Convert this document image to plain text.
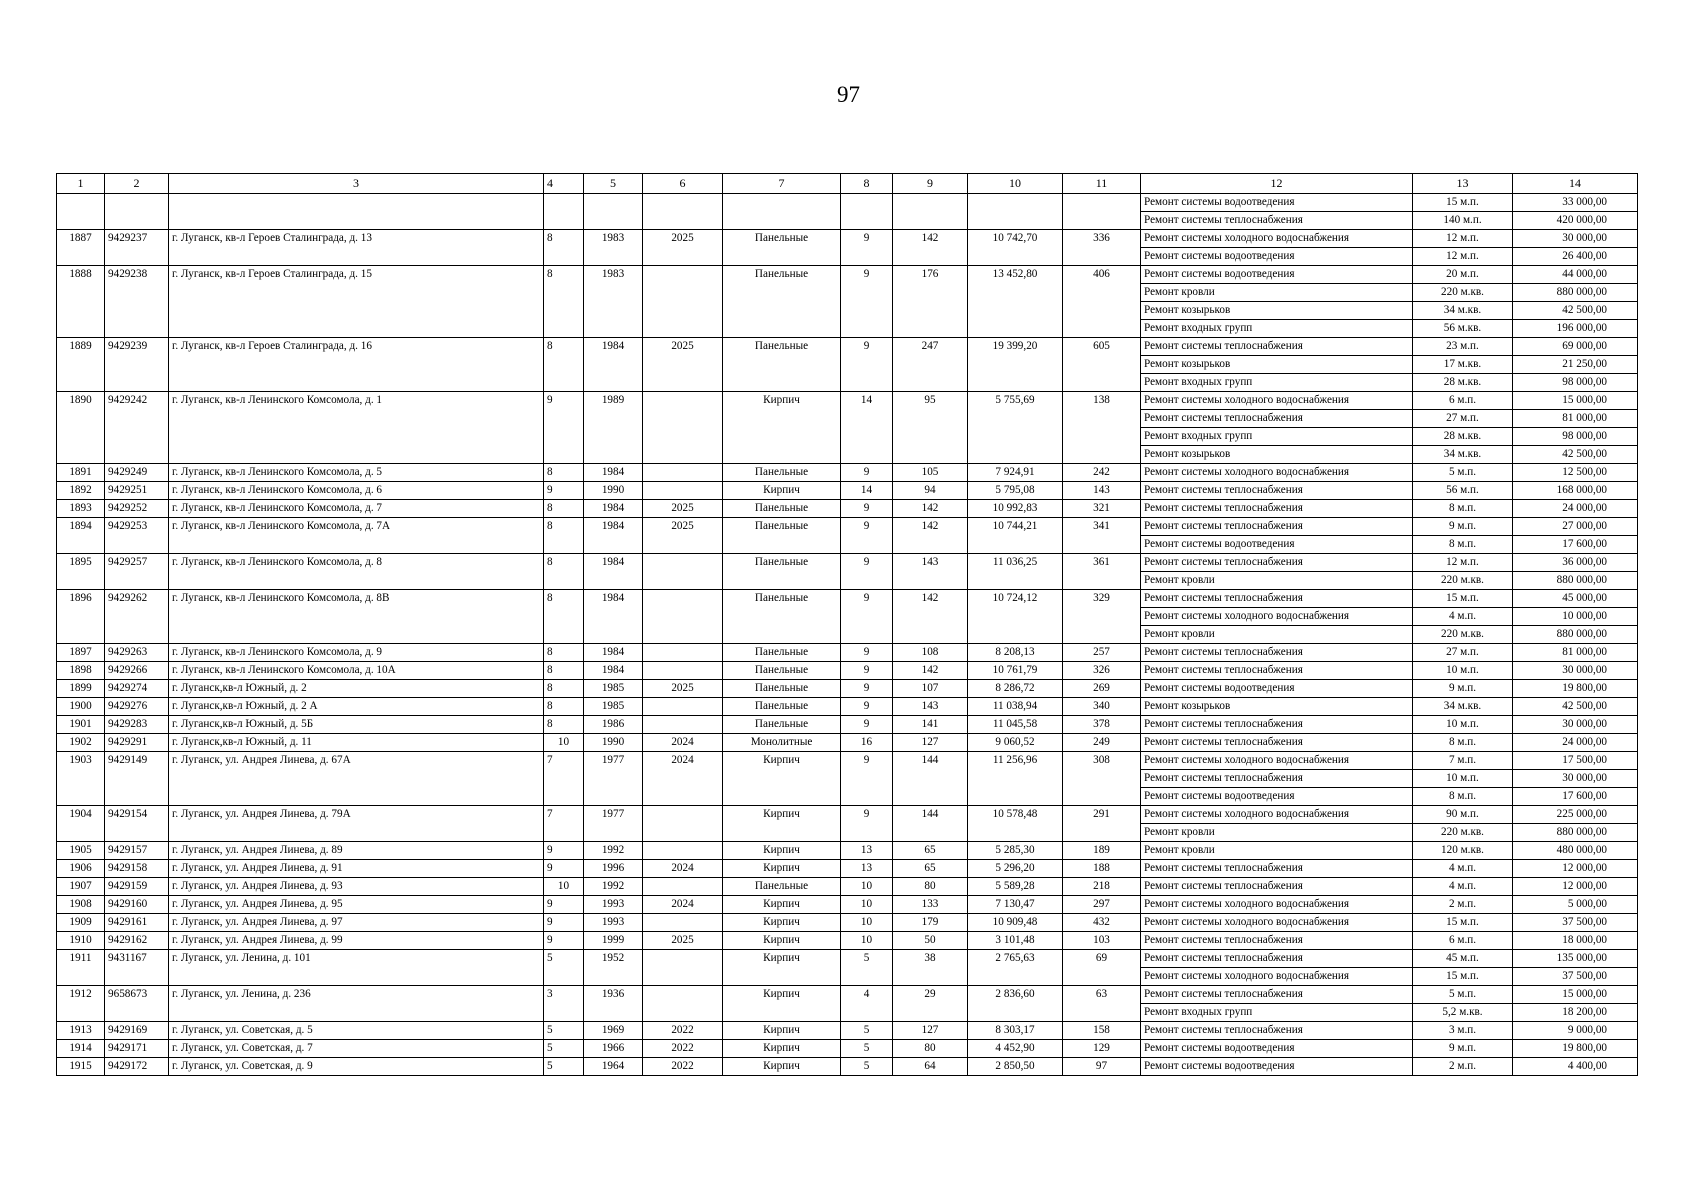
97
1	2	3	4	5	6	7	8	9	10	11	12	13	14
											Ремонт системы водоотведения	15 м.п.	33 000,00
											Ремонт системы теплоснабжения	140 м.п.	420 000,00
1887	9429237	г. Луганск, кв-л Героев Сталинграда, д. 13	8	1983	2025	Панельные	9	142	10 742,70	336	Ремонт системы холодного водоснабжения	12 м.п.	30 000,00
											Ремонт системы водоотведения	12 м.п.	26 400,00
1888	9429238	г. Луганск, кв-л Героев Сталинграда, д. 15	8	1983		Панельные	9	176	13 452,80	406	Ремонт системы водоотведения	20 м.п.	44 000,00
											Ремонт кровли	220 м.кв.	880 000,00
											Ремонт козырьков	34 м.кв.	42 500,00
											Ремонт входных групп	56 м.кв.	196 000,00
1889	9429239	г. Луганск, кв-л Героев Сталинграда, д. 16	8	1984	2025	Панельные	9	247	19 399,20	605	Ремонт системы теплоснабжения	23 м.п.	69 000,00
											Ремонт козырьков	17 м.кв.	21 250,00
											Ремонт входных групп	28 м.кв.	98 000,00
1890	9429242	г. Луганск, кв-л Ленинского Комсомола, д. 1	9	1989		Кирпич	14	95	5 755,69	138	Ремонт системы холодного водоснабжения	6 м.п.	15 000,00
											Ремонт системы теплоснабжения	27 м.п.	81 000,00
											Ремонт входных групп	28 м.кв.	98 000,00
											Ремонт козырьков	34 м.кв.	42 500,00
1891	9429249	г. Луганск, кв-л Ленинского Комсомола, д. 5	8	1984		Панельные	9	105	7 924,91	242	Ремонт системы холодного водоснабжения	5 м.п.	12 500,00
1892	9429251	г. Луганск, кв-л Ленинского Комсомола, д. 6	9	1990		Кирпич	14	94	5 795,08	143	Ремонт системы теплоснабжения	56 м.п.	168 000,00
1893	9429252	г. Луганск, кв-л Ленинского Комсомола, д. 7	8	1984	2025	Панельные	9	142	10 992,83	321	Ремонт системы теплоснабжения	8 м.п.	24 000,00
1894	9429253	г. Луганск, кв-л Ленинского Комсомола, д. 7А	8	1984	2025	Панельные	9	142	10 744,21	341	Ремонт системы теплоснабжения	9 м.п.	27 000,00
											Ремонт системы водоотведения	8 м.п.	17 600,00
1895	9429257	г. Луганск, кв-л Ленинского Комсомола, д. 8	8	1984		Панельные	9	143	11 036,25	361	Ремонт системы теплоснабжения	12 м.п.	36 000,00
											Ремонт кровли	220 м.кв.	880 000,00
1896	9429262	г. Луганск, кв-л Ленинского Комсомола, д. 8В	8	1984		Панельные	9	142	10 724,12	329	Ремонт системы теплоснабжения	15 м.п.	45 000,00
											Ремонт системы холодного водоснабжения	4 м.п.	10 000,00
											Ремонт кровли	220 м.кв.	880 000,00
1897	9429263	г. Луганск, кв-л Ленинского Комсомола, д. 9	8	1984		Панельные	9	108	8 208,13	257	Ремонт системы теплоснабжения	27 м.п.	81 000,00
1898	9429266	г. Луганск, кв-л Ленинского Комсомола, д. 10А	8	1984		Панельные	9	142	10 761,79	326	Ремонт системы теплоснабжения	10 м.п.	30 000,00
1899	9429274	г. Луганск,кв-л Южный, д. 2	8	1985	2025	Панельные	9	107	8 286,72	269	Ремонт системы водоотведения	9 м.п.	19 800,00
1900	9429276	г. Луганск,кв-л Южный, д. 2 А	8	1985		Панельные	9	143	11 038,94	340	Ремонт козырьков	34 м.кв.	42 500,00
1901	9429283	г. Луганск,кв-л Южный, д. 5Б	8	1986		Панельные	9	141	11 045,58	378	Ремонт системы теплоснабжения	10 м.п.	30 000,00
1902	9429291	г. Луганск,кв-л Южный, д. 11	10	1990	2024	Монолитные	16	127	9 060,52	249	Ремонт системы теплоснабжения	8 м.п.	24 000,00
1903	9429149	г. Луганск, ул. Андрея Линева, д. 67А	7	1977	2024	Кирпич	9	144	11 256,96	308	Ремонт системы холодного водоснабжения	7 м.п.	17 500,00
											Ремонт системы теплоснабжения	10 м.п.	30 000,00
											Ремонт системы водоотведения	8 м.п.	17 600,00
1904	9429154	г. Луганск, ул. Андрея Линева, д. 79А	7	1977		Кирпич	9	144	10 578,48	291	Ремонт системы холодного водоснабжения	90 м.п.	225 000,00
											Ремонт кровли	220 м.кв.	880 000,00
1905	9429157	г. Луганск, ул. Андрея Линева, д. 89	9	1992		Кирпич	13	65	5 285,30	189	Ремонт кровли	120 м.кв.	480 000,00
1906	9429158	г. Луганск, ул. Андрея Линева, д. 91	9	1996	2024	Кирпич	13	65	5 296,20	188	Ремонт системы теплоснабжения	4 м.п.	12 000,00
1907	9429159	г. Луганск, ул. Андрея Линева, д. 93	10	1992		Панельные	10	80	5 589,28	218	Ремонт системы теплоснабжения	4 м.п.	12 000,00
1908	9429160	г. Луганск, ул. Андрея Линева, д. 95	9	1993	2024	Кирпич	10	133	7 130,47	297	Ремонт системы холодного водоснабжения	2 м.п.	5 000,00
1909	9429161	г. Луганск, ул. Андрея Линева, д. 97	9	1993		Кирпич	10	179	10 909,48	432	Ремонт системы холодного водоснабжения	15 м.п.	37 500,00
1910	9429162	г. Луганск, ул. Андрея Линева, д. 99	9	1999	2025	Кирпич	10	50	3 101,48	103	Ремонт системы теплоснабжения	6 м.п.	18 000,00
1911	9431167	г. Луганск, ул. Ленина, д. 101	5	1952		Кирпич	5	38	2 765,63	69	Ремонт системы теплоснабжения	45 м.п.	135 000,00
											Ремонт системы холодного водоснабжения	15 м.п.	37 500,00
1912	9658673	г. Луганск, ул. Ленина, д. 236	3	1936		Кирпич	4	29	2 836,60	63	Ремонт системы теплоснабжения	5 м.п.	15 000,00
											Ремонт входных групп	5,2 м.кв.	18 200,00
1913	9429169	г. Луганск, ул. Советская, д. 5	5	1969	2022	Кирпич	5	127	8 303,17	158	Ремонт системы теплоснабжения	3 м.п.	9 000,00
1914	9429171	г. Луганск, ул. Советская, д. 7	5	1966	2022	Кирпич	5	80	4 452,90	129	Ремонт системы водоотведения	9 м.п.	19 800,00
1915	9429172	г. Луганск, ул. Советская, д. 9	5	1964	2022	Кирпич	5	64	2 850,50	97	Ремонт системы водоотведения	2 м.п.	4 400,00
